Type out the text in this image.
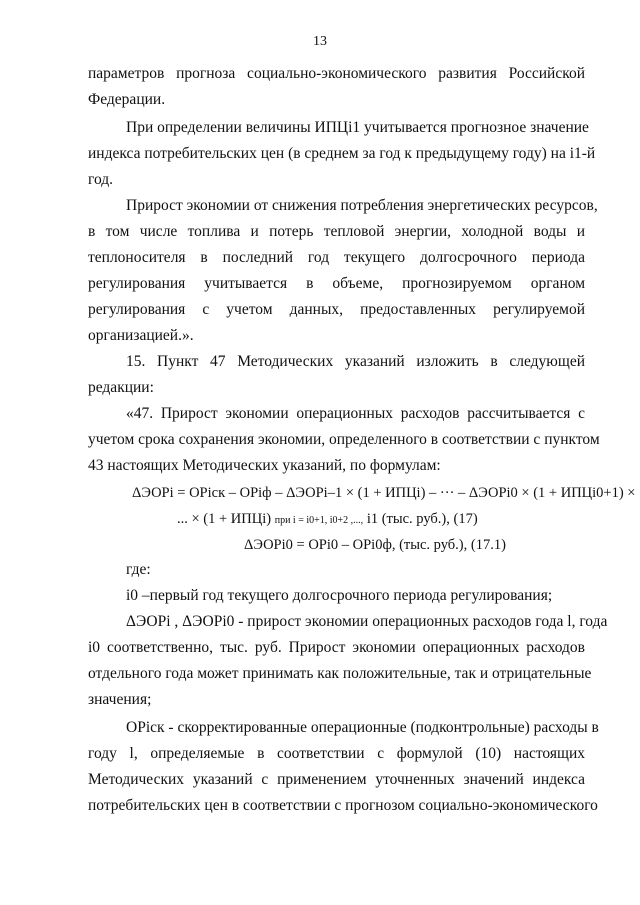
13
параметров прогноза социально-экономического развития Российской
Федерации.
При определении величины ИПЦi1 учитывается прогнозное значение
индекса потребительских цен (в среднем за год к предыдущему году) на i1-й
год.
Прирост экономии от снижения потребления энергетических ресурсов,
в том числе топлива и потерь тепловой энергии, холодной воды и
теплоносителя в последний год текущего долгосрочного периода
регулирования учитывается в объеме, прогнозируемом органом
регулирования с учетом данных, предоставленных регулируемой
организацией.».
15. Пункт 47 Методических указаний изложить в следующей
редакции:
«47. Прирост экономии операционных расходов рассчитывается с
учетом срока сохранения экономии, определенного в соответствии с пунктом
43 настоящих Методических указаний, по формулам:
ΔЭОРi = ОРiск – ОРiф – ΔЭОРi–1 × (1 + ИПЦi) – ··· – ΔЭОРi0 × (1 + ИПЦi0+1) ×
... × (1 + ИПЦi) при i = i0+1, i0+2 ,..., i1 (тыс. руб.), (17)
ΔЭОРi0 = ОРi0 – ОРi0ф, (тыс. руб.), (17.1)
где:
i0 –первый год текущего долгосрочного периода регулирования;
ΔЭОРi , ΔЭОРi0 - прирост экономии операционных расходов года l, года
i0 соответственно, тыс. руб. Прирост экономии операционных расходов
отдельного года может принимать как положительные, так и отрицательные
значения;
ОРiск - скорректированные операционные (подконтрольные) расходы в
году l, определяемые в соответствии с формулой (10) настоящих
Методических указаний с применением уточненных значений индекса
потребительских цен в соответствии с прогнозом социально-экономического
